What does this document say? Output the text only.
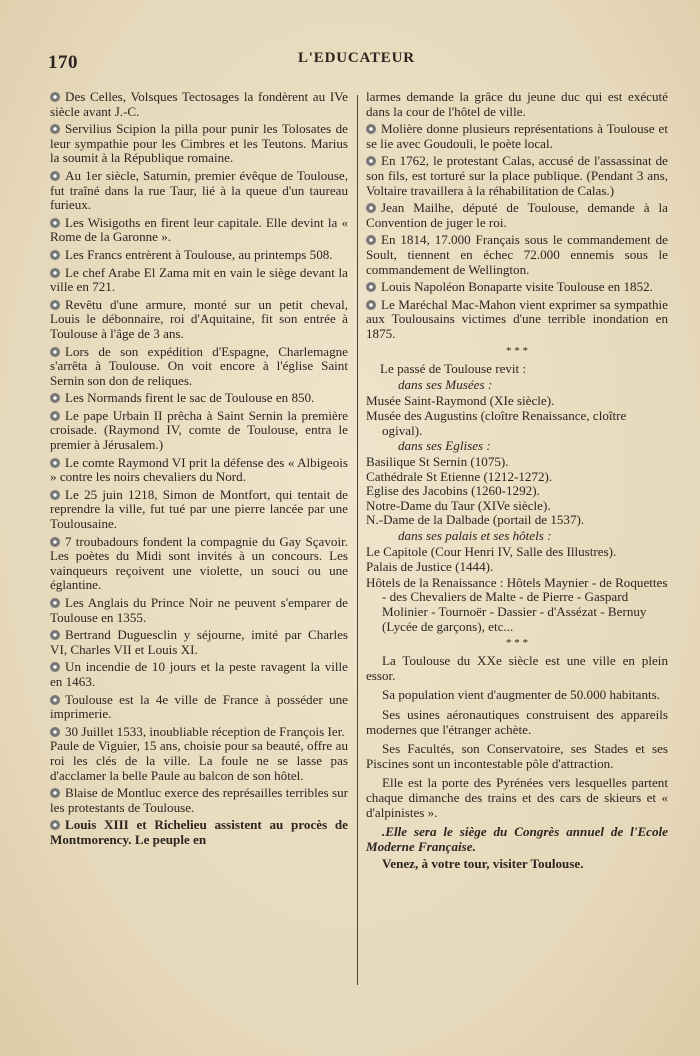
170	L'EDUCATEUR

Des Celles, Volsques Tectosages la fondèrent au IVe siècle avant J.-C.

Servilius Scipion la pilla pour punir les Tolosates de leur sympathie pour les Cimbres et les Teutons. Marius la soumit à la République romaine.

Au 1er siècle, Saturnin, premier évêque de Toulouse, fut traîné dans la rue Taur, lié à la queue d'un taureau furieux.

Les Wisigoths en firent leur capitale. Elle devint la « Rome de la Garonne ».

Les Francs entrèrent à Toulouse, au printemps 508.

Le chef Arabe El Zama mit en vain le siège devant la ville en 721.

Revêtu d'une armure, monté sur un petit cheval, Louis le débonnaire, roi d'Aquitaine, fit son entrée à Toulouse à l'âge de 3 ans.

Lors de son expédition d'Espagne, Charlemagne s'arrêta à Toulouse. On voit encore à l'église Saint Sernin son don de reliques.

Les Normands firent le sac de Toulouse en 850.

Le pape Urbain II prêcha à Saint Sernin la première croisade. (Raymond IV, comte de Toulouse, entra le premier à Jérusalem.)

Le comte Raymond VI prit la défense des « Albigeois » contre les noirs chevaliers du Nord.

Le 25 juin 1218, Simon de Montfort, qui tentait de reprendre la ville, fut tué par une pierre lancée par une Toulousaine.

7 troubadours fondent la compagnie du Gay Sçavoir. Les poètes du Midi sont invités à un concours. Les vainqueurs reçoivent une violette, un souci ou une églantine.

Les Anglais du Prince Noir ne peuvent s'emparer de Toulouse en 1355.

Bertrand Duguesclin y séjourne, imité par Charles VI, Charles VII et Louis XI.

Un incendie de 10 jours et la peste ravagent la ville en 1463.

Toulouse est la 4e ville de France à posséder une imprimerie.

30 Juillet 1533, inoubliable réception de François Ier.

Paule de Viguier, 15 ans, choisie pour sa beauté, offre au roi les clés de la ville. La foule ne se lasse pas d'acclamer la belle Paule au balcon de son hôtel.

Blaise de Montluc exerce des représailles terribles sur les protestants de Toulouse.

Louis XIII et Richelieu assistent au procès de Montmorency. Le peuple en

larmes demande la grâce du jeune duc qui est exécuté dans la cour de l'hôtel de ville.

Molière donne plusieurs représentations à Toulouse et se lie avec Goudouli, le poète local.

En 1762, le protestant Calas, accusé de l'assassinat de son fils, est torturé sur la place publique. (Pendant 3 ans, Voltaire travaillera à la réhabilitation de Calas.)

Jean Mailhe, député de Toulouse, demande à la Convention de juger le roi.

En 1814, 17.000 Français sous le commandement de Soult, tiennent en échec 72.000 ennemis sous le commandement de Wellington.

Louis Napoléon Bonaparte visite Toulouse en 1852.

Le Maréchal Mac-Mahon vient exprimer sa sympathie aux Toulousains victimes d'une terrible inondation en 1875.

* * *

Le passé de Toulouse revit :

dans ses Musées :

Musée Saint-Raymond (XIe siècle).

Musée des Augustins (cloître Renaissance, cloître ogival).

dans ses Eglises :

Basilique St Sernin (1075).

Cathédrale St Etienne (1212-1272).

Eglise des Jacobins (1260-1292).

Notre-Dame du Taur (XIVe siècle).

N.-Dame de la Dalbade (portail de 1537).

dans ses palais et ses hôtels :

Le Capitole (Cour Henri IV, Salle des Illustres).

Palais de Justice (1444).

Hôtels de la Renaissance : Hôtels Maynier - de Roquettes - des Chevaliers de Malte - de Pierre - Gaspard Molinier - Tournoër - Dassier - d'Assézat - Bernuy (Lycée de garçons), etc...

* * *

La Toulouse du XXe siècle est une ville en plein essor.

Sa population vient d'augmenter de 50.000 habitants.

Ses usines aéronautiques construisent des appareils modernes que l'étranger achète.

Ses Facultés, son Conservatoire, ses Stades et ses Piscines sont un incontestable pôle d'attraction.

Elle est la porte des Pyrénées vers lesquelles partent chaque dimanche des trains et des cars de skieurs et « d'alpinistes ».

.Elle sera le siège du Congrès annuel de l'Ecole Moderne Française.

Venez, à votre tour, visiter Toulouse.
